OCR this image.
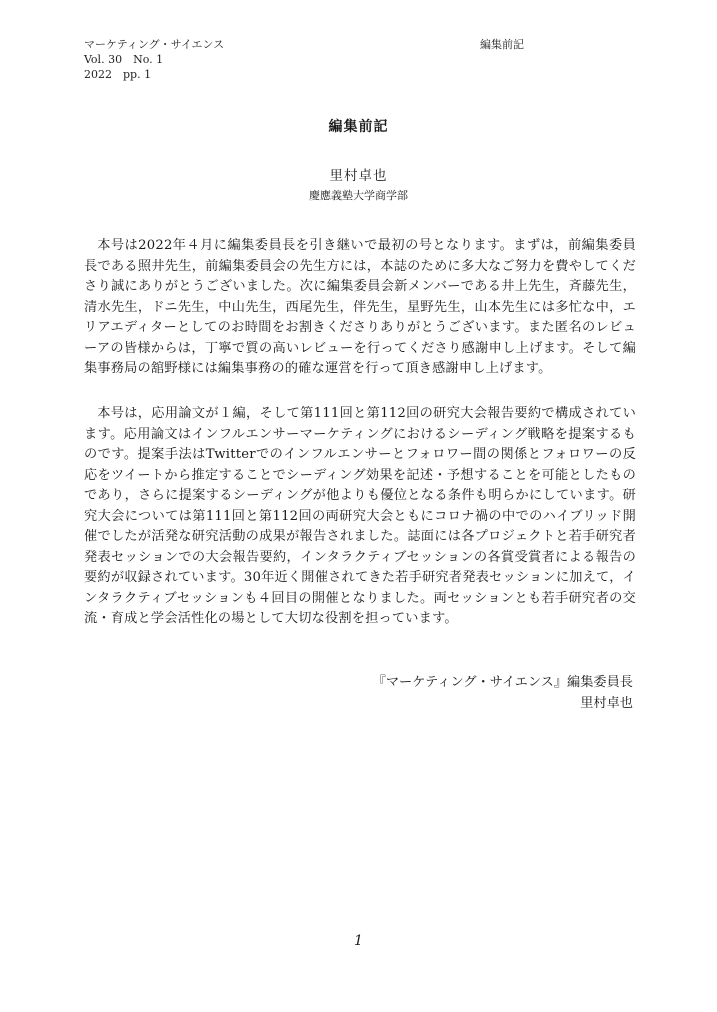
マーケティング・サイエンス
Vol. 30　No. 1
2022　pp. 1
編集前記
編集前記
里村卓也
慶應義塾大学商学部

本号は2022年４月に編集委員長を引き継いで最初の号となります。まずは，前編集委員長である照井先生，前編集委員会の先生方には，本誌のために多大なご努力を費やしてくださり誠にありがとうございました。次に編集委員会新メンバーである井上先生，斉藤先生，清水先生，ドニ先生，中山先生，西尾先生，伴先生，星野先生，山本先生には多忙な中，エリアエディターとしてのお時間をお割きくださりありがとうございます。また匿名のレビューアの皆様からは，丁寧で質の高いレビューを行ってくださり感謝申し上げます。そして編集事務局の舘野様には編集事務の的確な運営を行って頂き感謝申し上げます。

本号は，応用論文が１編，そして第111回と第112回の研究大会報告要約で構成されています。応用論文はインフルエンサーマーケティングにおけるシーディング戦略を提案するものです。提案手法はTwitterでのインフルエンサーとフォロワー間の関係とフォロワーの反応をツイートから推定することでシーディング効果を記述・予想することを可能としたものであり，さらに提案するシーディングが他よりも優位となる条件も明らかにしています。研究大会については第111回と第112回の両研究大会ともにコロナ禍の中でのハイブリッド開催でしたが活発な研究活動の成果が報告されました。誌面には各プロジェクトと若手研究者発表セッションでの大会報告要約，インタラクティブセッションの各賞受賞者による報告の要約が収録されています。30年近く開催されてきた若手研究者発表セッションに加えて，インタラクティブセッションも４回目の開催となりました。両セッションとも若手研究者の交流・育成と学会活性化の場として大切な役割を担っています。

『マーケティング・サイエンス』編集委員長
里村卓也
1
